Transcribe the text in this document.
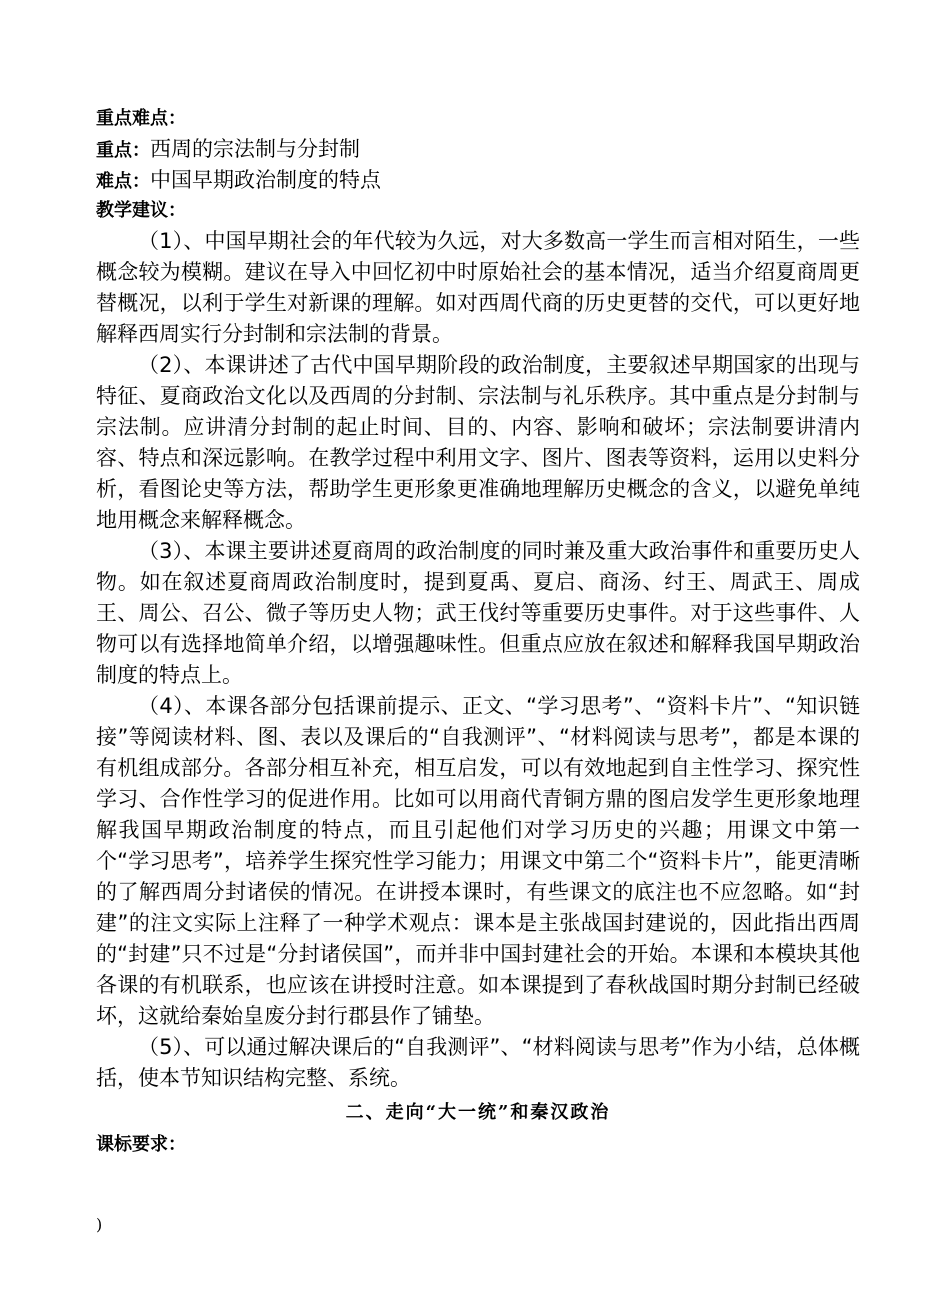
重点难点：
重点：西周的宗法制与分封制
难点：中国早期政治制度的特点
教学建议：

（1）、中国早期社会的年代较为久远，对大多数高一学生而言相对陌生，一些概念较为模糊。建议在导入中回忆初中时原始社会的基本情况，适当介绍夏商周更替概况，以利于学生对新课的理解。如对西周代商的历史更替的交代，可以更好地解释西周实行分封制和宗法制的背景。

（2）、本课讲述了古代中国早期阶段的政治制度，主要叙述早期国家的出现与特征、夏商政治文化以及西周的分封制、宗法制与礼乐秩序。其中重点是分封制与宗法制。应讲清分封制的起止时间、目的、内容、影响和破坏；宗法制要讲清内容、特点和深远影响。在教学过程中利用文字、图片、图表等资料，运用以史料分析，看图论史等方法，帮助学生更形象更准确地理解历史概念的含义，以避免单纯地用概念来解释概念。

（3）、本课主要讲述夏商周的政治制度的同时兼及重大政治事件和重要历史人物。如在叙述夏商周政治制度时，提到夏禹、夏启、商汤、纣王、周武王、周成王、周公、召公、微子等历史人物；武王伐纣等重要历史事件。对于这些事件、人物可以有选择地简单介绍，以增强趣味性。但重点应放在叙述和解释我国早期政治制度的特点上。

（4）、本课各部分包括课前提示、正文、“学习思考”、“资料卡片”、“知识链接”等阅读材料、图、表以及课后的“自我测评”、“材料阅读与思考”，都是本课的有机组成部分。各部分相互补充，相互启发，可以有效地起到自主性学习、探究性学习、合作性学习的促进作用。比如可以用商代青铜方鼎的图启发学生更形象地理解我国早期政治制度的特点，而且引起他们对学习历史的兴趣；用课文中第一个“学习思考”，培养学生探究性学习能力；用课文中第二个“资料卡片”，能更清晰的了解西周分封诸侯的情况。在讲授本课时，有些课文的底注也不应忽略。如“封建”的注文实际上注释了一种学术观点：课本是主张战国封建说的，因此指出西周的“封建”只不过是“分封诸侯国”，而并非中国封建社会的开始。本课和本模块其他各课的有机联系，也应该在讲授时注意。如本课提到了春秋战国时期分封制已经破坏，这就给秦始皇废分封行郡县作了铺垫。

（5）、可以通过解决课后的“自我测评”、“材料阅读与思考”作为小结，总体概括，使本节知识结构完整、系统。

二、走向“大一统”和秦汉政治
课标要求：
)
